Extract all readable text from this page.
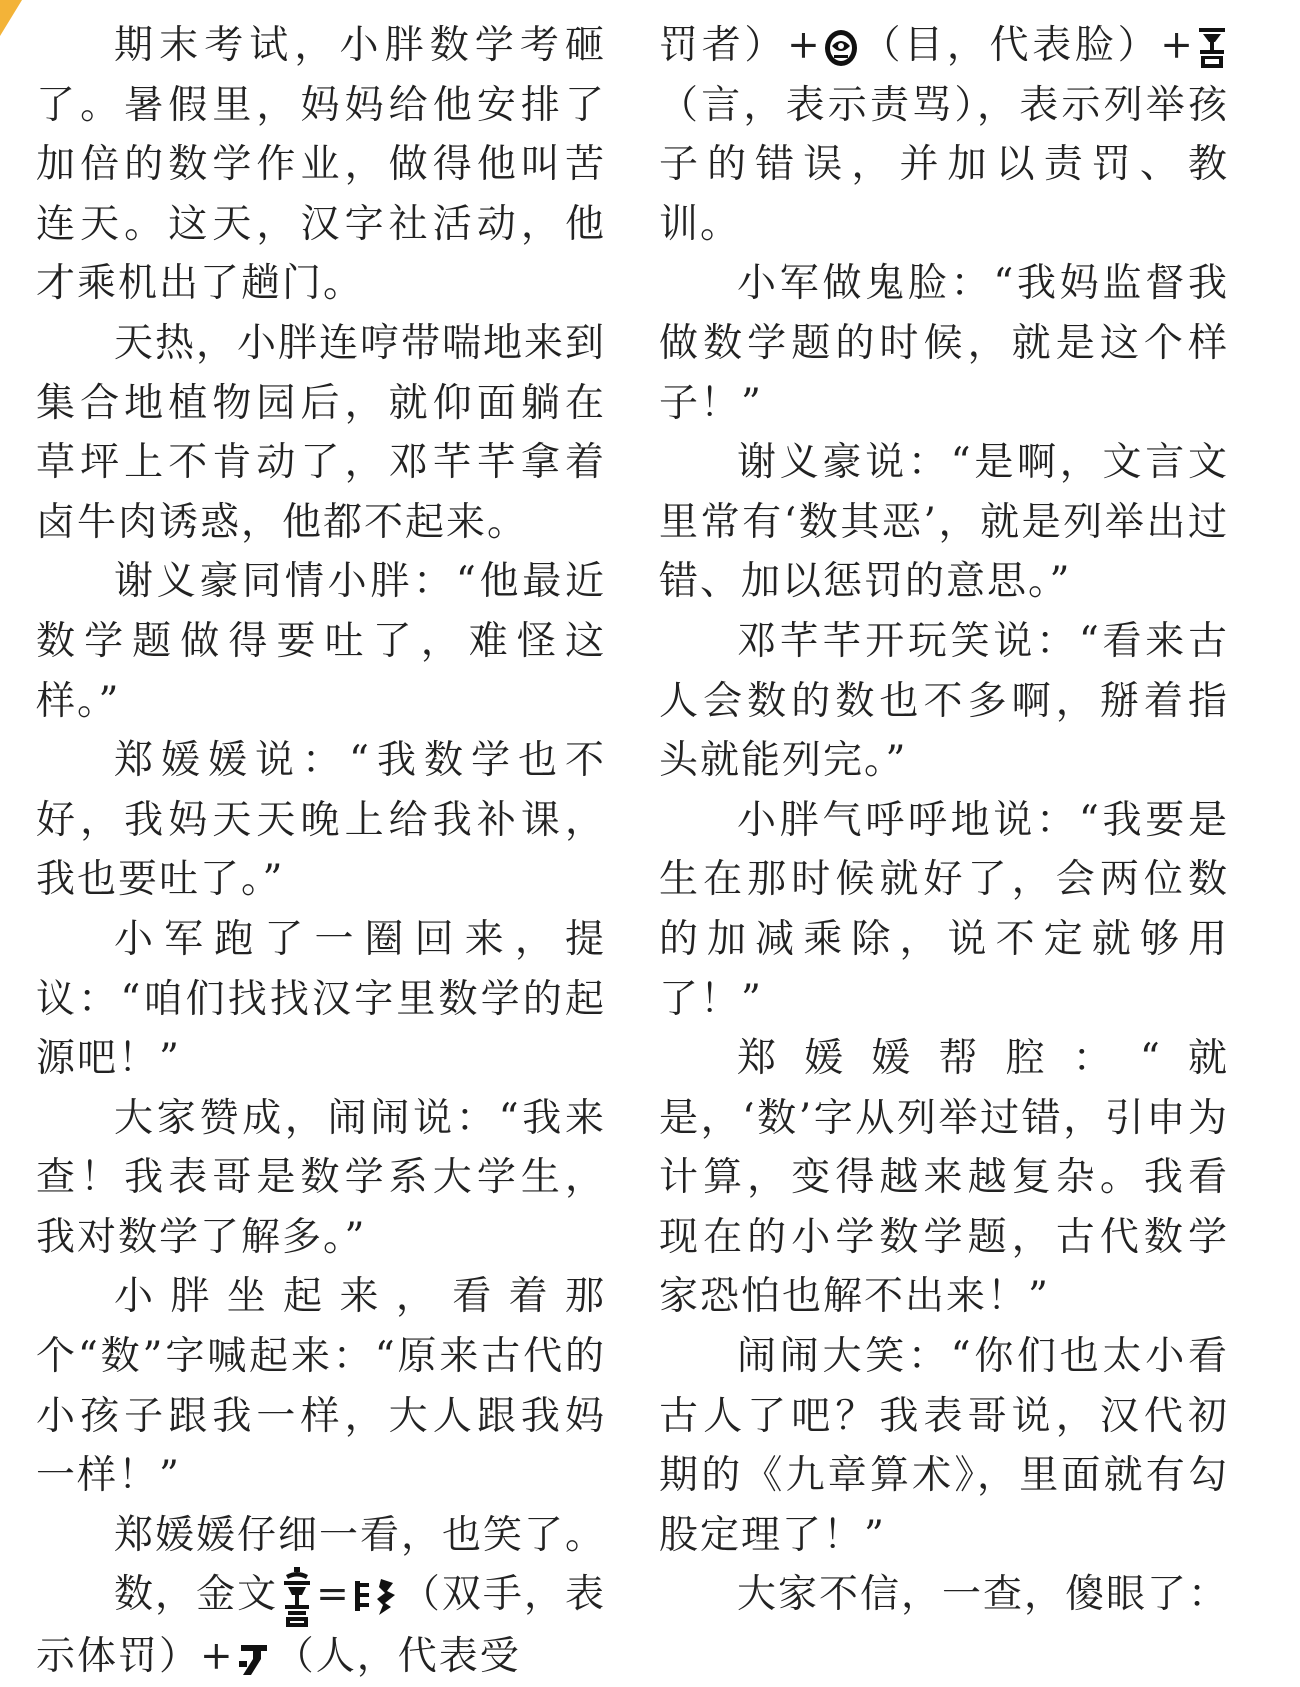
期末考试，小胖数学考砸了。暑假里，妈妈给他安排了加倍的数学作业，做得他叫苦连天。这天，汉字社活动，他才乘机出了趟门。

天热，小胖连哼带喘地来到集合地植物园后，就仰面躺在草坪上不肯动了，邓芊芊拿着卤牛肉诱惑，他都不起来。

谢义豪同情小胖：“他最近数学题做得要吐了，难怪这样。”

郑媛媛说：“我数学也不好，我妈天天晚上给我补课，我也要吐了。”

小军跑了一圈回来，提议：“咱们找找汉字里数学的起源吧！”

大家赞成，闹闹说：“我来查！我表哥是数学系大学生，我对数学了解多。”

小胖坐起来，看着那个“数”字喊起来：“原来古代的小孩子跟我一样，大人跟我妈一样！”

郑媛媛仔细一看，也笑了。

数，金文 = （双手，表示体罚）+ （人，代表受

罚者）+ （目，代表脸）+
（言，表示责骂），表示列举孩子的错误，并加以责罚、教训。

小军做鬼脸：“我妈监督我做数学题的时候，就是这个样子！”

谢义豪说：“是啊，文言文里常有‘数其恶’，就是列举出过错、加以惩罚的意思。”

邓芊芊开玩笑说：“看来古人会数的数也不多啊，掰着指头就能列完。”

小胖气呼呼地说：“我要是生在那时候就好了，会两位数的加减乘除，说不定就够用了！”

郑媛媛帮腔：“就是，‘数’字从列举过错，引申为计算，变得越来越复杂。我看现在的小学数学题，古代数学家恐怕也解不出来！”

闹闹大笑：“你们也太小看古人了吧？我表哥说，汉代初期的《九章算术》，里面就有勾股定理了！”

大家不信，一查，傻眼了：
